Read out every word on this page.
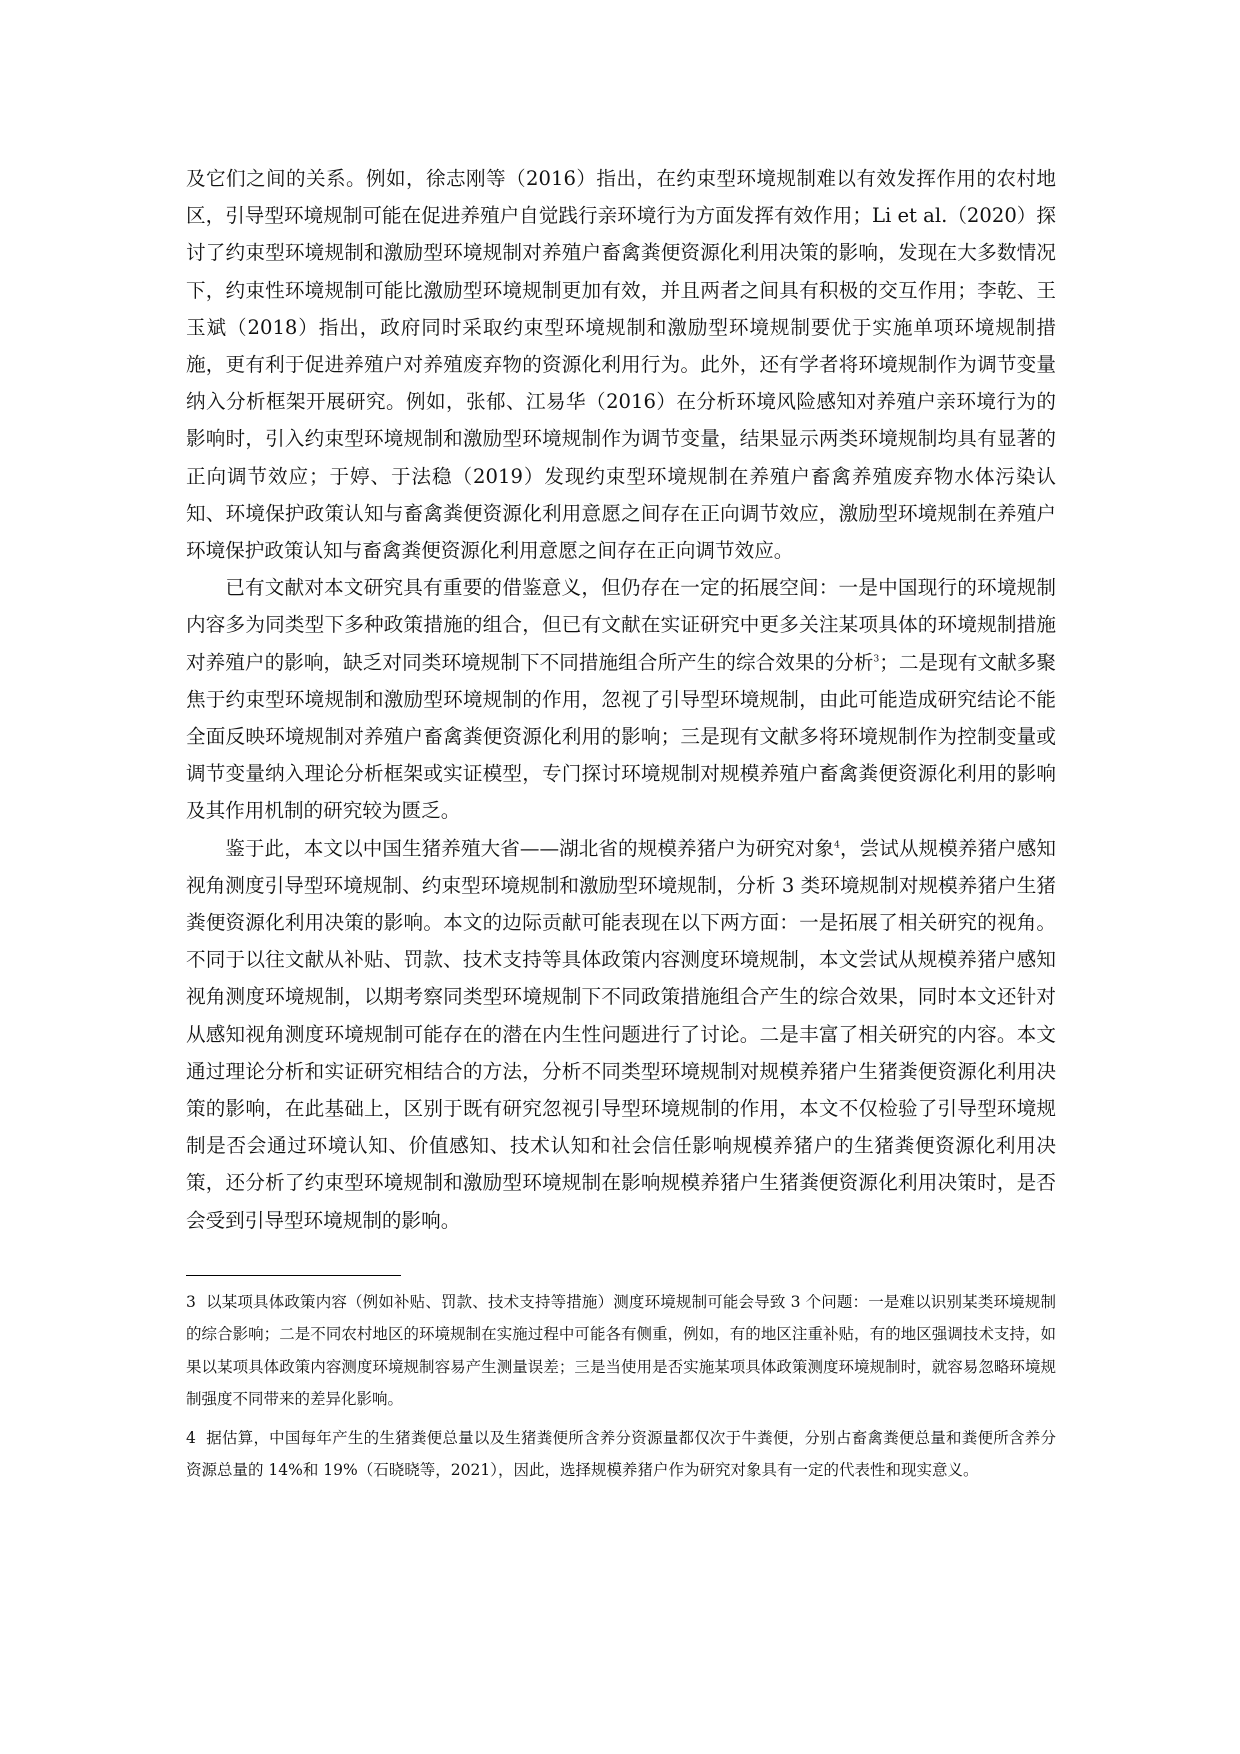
及它们之间的关系。例如，徐志刚等（2016）指出，在约束型环境规制难以有效发挥作用的农村地区，引导型环境规制可能在促进养殖户自觉践行亲环境行为方面发挥有效作用；Li et al.（2020）探讨了约束型环境规制和激励型环境规制对养殖户畜禽粪便资源化利用决策的影响，发现在大多数情况下，约束性环境规制可能比激励型环境规制更加有效，并且两者之间具有积极的交互作用；李乾、王玉斌（2018）指出，政府同时采取约束型环境规制和激励型环境规制要优于实施单项环境规制措施，更有利于促进养殖户对养殖废弃物的资源化利用行为。此外，还有学者将环境规制作为调节变量纳入分析框架开展研究。例如，张郁、江易华（2016）在分析环境风险感知对养殖户亲环境行为的影响时，引入约束型环境规制和激励型环境规制作为调节变量，结果显示两类环境规制均具有显著的正向调节效应；于婷、于法稳（2019）发现约束型环境规制在养殖户畜禽养殖废弃物水体污染认知、环境保护政策认知与畜禽粪便资源化利用意愿之间存在正向调节效应，激励型环境规制在养殖户环境保护政策认知与畜禽粪便资源化利用意愿之间存在正向调节效应。

已有文献对本文研究具有重要的借鉴意义，但仍存在一定的拓展空间：一是中国现行的环境规制内容多为同类型下多种政策措施的组合，但已有文献在实证研究中更多关注某项具体的环境规制措施对养殖户的影响，缺乏对同类环境规制下不同措施组合所产生的综合效果的分析$^3$；二是现有文献多聚焦于约束型环境规制和激励型环境规制的作用，忽视了引导型环境规制，由此可能造成研究结论不能全面反映环境规制对养殖户畜禽粪便资源化利用的影响；三是现有文献多将环境规制作为控制变量或调节变量纳入理论分析框架或实证模型，专门探讨环境规制对规模养殖户畜禽粪便资源化利用的影响及其作用机制的研究较为匮乏。

鉴于此，本文以中国生猪养殖大省——湖北省的规模养猪户为研究对象$^4$，尝试从规模养猪户感知视角测度引导型环境规制、约束型环境规制和激励型环境规制，分析 3 类环境规制对规模养猪户生猪粪便资源化利用决策的影响。本文的边际贡献可能表现在以下两方面：一是拓展了相关研究的视角。不同于以往文献从补贴、罚款、技术支持等具体政策内容测度环境规制，本文尝试从规模养猪户感知视角测度环境规制，以期考察同类型环境规制下不同政策措施组合产生的综合效果，同时本文还针对从感知视角测度环境规制可能存在的潜在内生性问题进行了讨论。二是丰富了相关研究的内容。本文通过理论分析和实证研究相结合的方法，分析不同类型环境规制对规模养猪户生猪粪便资源化利用决策的影响，在此基础上，区别于既有研究忽视引导型环境规制的作用，本文不仅检验了引导型环境规制是否会通过环境认知、价值感知、技术认知和社会信任影响规模养猪户的生猪粪便资源化利用决策，还分析了约束型环境规制和激励型环境规制在影响规模养猪户生猪粪便资源化利用决策时，是否会受到引导型环境规制的影响。

3 以某项具体政策内容（例如补贴、罚款、技术支持等措施）测度环境规制可能会导致 3 个问题：一是难以识别某类环境规制的综合影响；二是不同农村地区的环境规制在实施过程中可能各有侧重，例如，有的地区注重补贴，有的地区强调技术支持，如果以某项具体政策内容测度环境规制容易产生测量误差；三是当使用是否实施某项具体政策测度环境规制时，就容易忽略环境规制强度不同带来的差异化影响。

4 据估算，中国每年产生的生猪粪便总量以及生猪粪便所含养分资源量都仅次于牛粪便，分别占畜禽粪便总量和粪便所含养分资源总量的 14%和 19%（石晓晓等，2021），因此，选择规模养猪户作为研究对象具有一定的代表性和现实意义。
